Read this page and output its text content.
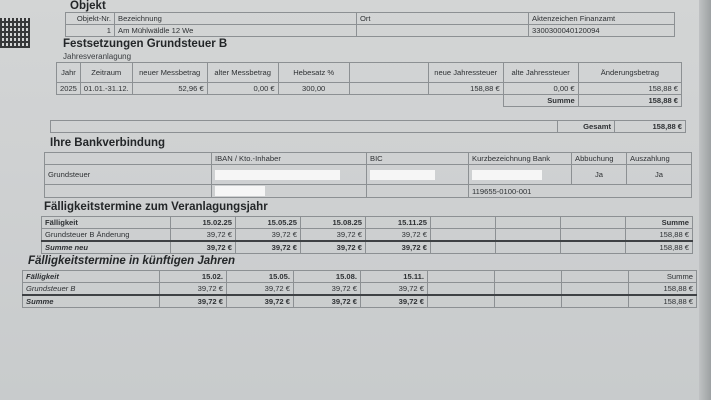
Objekt
Objekt-Nr.	Bezeichnung	Ort	Aktenzeichen Finanzamt
1	Am Mühlwäldle 12 We		3300300040120094
Festsetzungen Grundsteuer B
Jahresveranlagung
Jahr	Zeitraum	neuer Messbetrag	alter Messbetrag	Hebesatz %		neue Jahressteuer	alte Jahressteuer	Änderungsbetrag
2025	01.01.-31.12.	52,96 €	0,00 €	300,00		158,88 €	0,00 €	158,88 €
							Summe	158,88 €
	Gesamt	158,88 €
Ihre Bankverbindung
	IBAN / Kto.-Inhaber	BIC	Kurzbezeichnung Bank	Abbuchung	Auszahlung
Grundsteuer				Ja	Ja
			119655-0100-001		
Fälligkeitstermine zum Veranlagungsjahr
Fälligkeit	15.02.25	15.05.25	15.08.25	15.11.25				Summe
Grundsteuer B Änderung	39,72 €	39,72 €	39,72 €	39,72 €				158,88 €
Summe neu	39,72 €	39,72 €	39,72 €	39,72 €				158,88 €
Fälligkeitstermine in künftigen Jahren
Fälligkeit	15.02.	15.05.	15.08.	15.11.				Summe
Grundsteuer B	39,72 €	39,72 €	39,72 €	39,72 €				158,88 €
Summe	39,72 €	39,72 €	39,72 €	39,72 €				158,88 €
